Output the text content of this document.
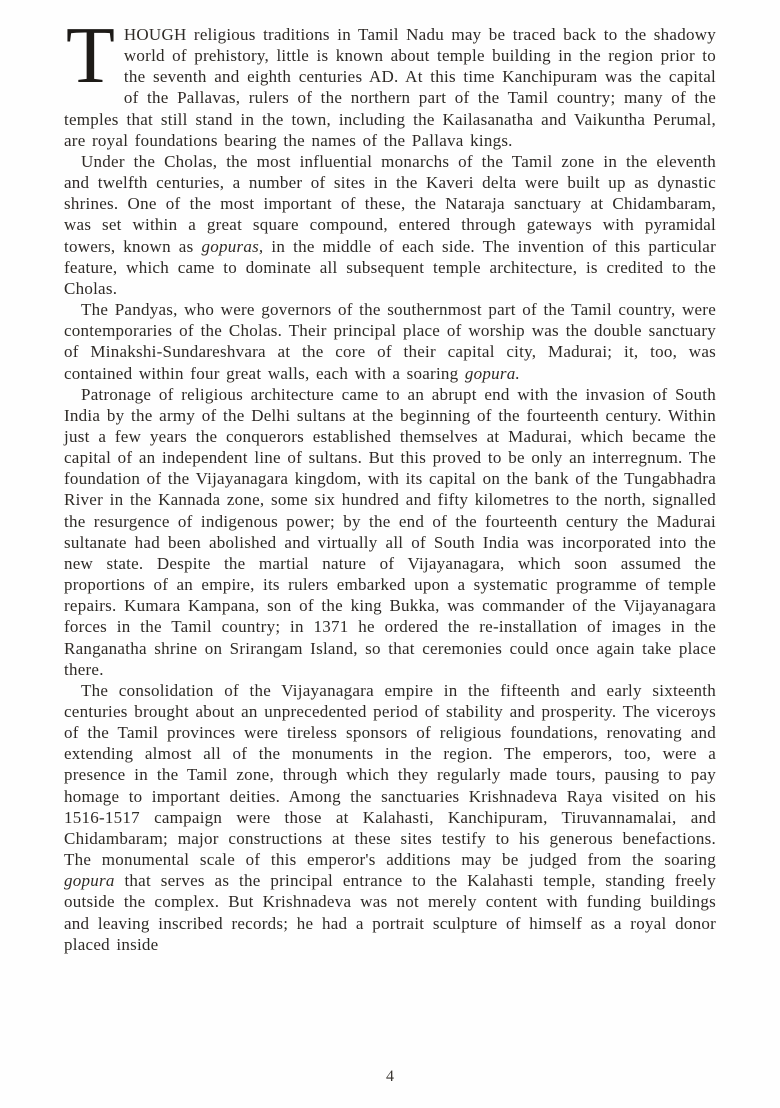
THOUGH religious traditions in Tamil Nadu may be traced back to the shadowy world of prehistory, little is known about temple building in the region prior to the seventh and eighth centuries AD. At this time Kanchipuram was the capital of the Pallavas, rulers of the northern part of the Tamil country; many of the temples that still stand in the town, including the Kailasanatha and Vaikuntha Perumal, are royal foundations bearing the names of the Pallava kings.

Under the Cholas, the most influential monarchs of the Tamil zone in the eleventh and twelfth centuries, a number of sites in the Kaveri delta were built up as dynastic shrines. One of the most important of these, the Nataraja sanctuary at Chidambaram, was set within a great square compound, entered through gateways with pyramidal towers, known as gopuras, in the middle of each side. The invention of this particular feature, which came to dominate all subsequent temple architecture, is credited to the Cholas.

The Pandyas, who were governors of the southernmost part of the Tamil country, were contemporaries of the Cholas. Their principal place of worship was the double sanctuary of Minakshi-Sundareshvara at the core of their capital city, Madurai; it, too, was contained within four great walls, each with a soaring gopura.

Patronage of religious architecture came to an abrupt end with the invasion of South India by the army of the Delhi sultans at the beginning of the fourteenth century. Within just a few years the conquerors established themselves at Madurai, which became the capital of an independent line of sultans. But this proved to be only an interregnum. The foundation of the Vijayanagara kingdom, with its capital on the bank of the Tungabhadra River in the Kannada zone, some six hundred and fifty kilometres to the north, signalled the resurgence of indigenous power; by the end of the fourteenth century the Madurai sultanate had been abolished and virtually all of South India was incorporated into the new state. Despite the martial nature of Vijayanagara, which soon assumed the proportions of an empire, its rulers embarked upon a systematic programme of temple repairs. Kumara Kampana, son of the king Bukka, was commander of the Vijayanagara forces in the Tamil country; in 1371 he ordered the re-installation of images in the Ranganatha shrine on Srirangam Island, so that ceremonies could once again take place there.

The consolidation of the Vijayanagara empire in the fifteenth and early sixteenth centuries brought about an unprecedented period of stability and prosperity. The viceroys of the Tamil provinces were tireless sponsors of religious foundations, renovating and extending almost all of the monuments in the region. The emperors, too, were a presence in the Tamil zone, through which they regularly made tours, pausing to pay homage to important deities. Among the sanctuaries Krishnadeva Raya visited on his 1516-1517 campaign were those at Kalahasti, Kanchipuram, Tiruvannamalai, and Chidambaram; major constructions at these sites testify to his generous benefactions. The monumental scale of this emperor's additions may be judged from the soaring gopura that serves as the principal entrance to the Kalahasti temple, standing freely outside the complex. But Krishnadeva was not merely content with funding buildings and leaving inscribed records; he had a portrait sculpture of himself as a royal donor placed inside

4
